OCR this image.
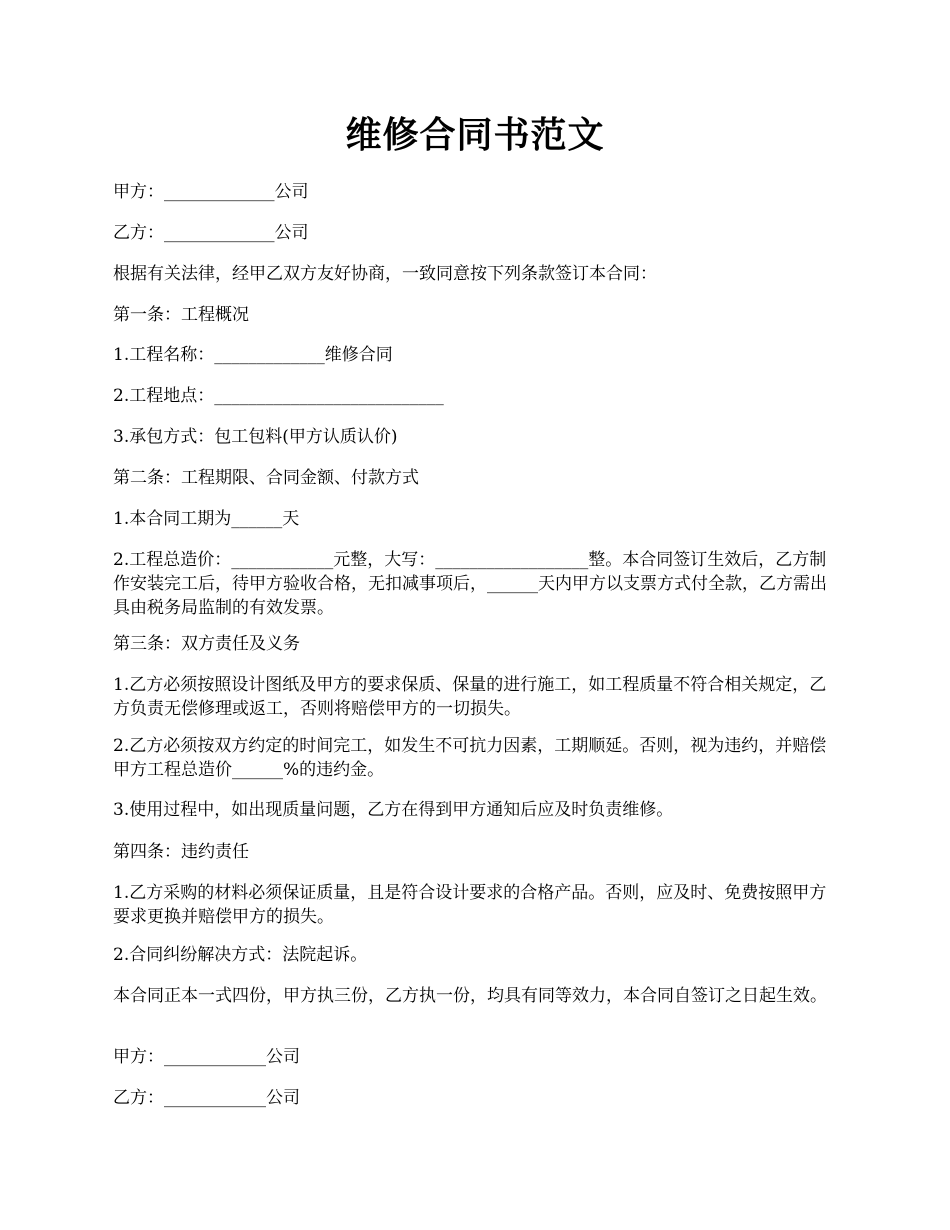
维修合同书范文
甲方：_____________公司
乙方：_____________公司
根据有关法律，经甲乙双方友好协商，一致同意按下列条款签订本合同：
第一条：工程概况
1.工程名称：_____________维修合同
2.工程地点：___________________________
3.承包方式：包工包料(甲方认质认价)
第二条：工程期限、合同金额、付款方式
1.本合同工期为______天
2.工程总造价：____________元整，大写：__________________整。本合同签订生效后，乙方制作安装完工后，待甲方验收合格，无扣减事项后，______天内甲方以支票方式付全款，乙方需出具由税务局监制的有效发票。
第三条：双方责任及义务
1.乙方必须按照设计图纸及甲方的要求保质、保量的进行施工，如工程质量不符合相关规定，乙方负责无偿修理或返工，否则将赔偿甲方的一切损失。
2.乙方必须按双方约定的时间完工，如发生不可抗力因素，工期顺延。否则，视为违约，并赔偿甲方工程总造价______%的违约金。
3.使用过程中，如出现质量问题，乙方在得到甲方通知后应及时负责维修。
第四条：违约责任
1.乙方采购的材料必须保证质量，且是符合设计要求的合格产品。否则，应及时、免费按照甲方要求更换并赔偿甲方的损失。
2.合同纠纷解决方式：法院起诉。
本合同正本一式四份，甲方执三份，乙方执一份，均具有同等效力，本合同自签订之日起生效。
甲方：____________公司
乙方：____________公司
